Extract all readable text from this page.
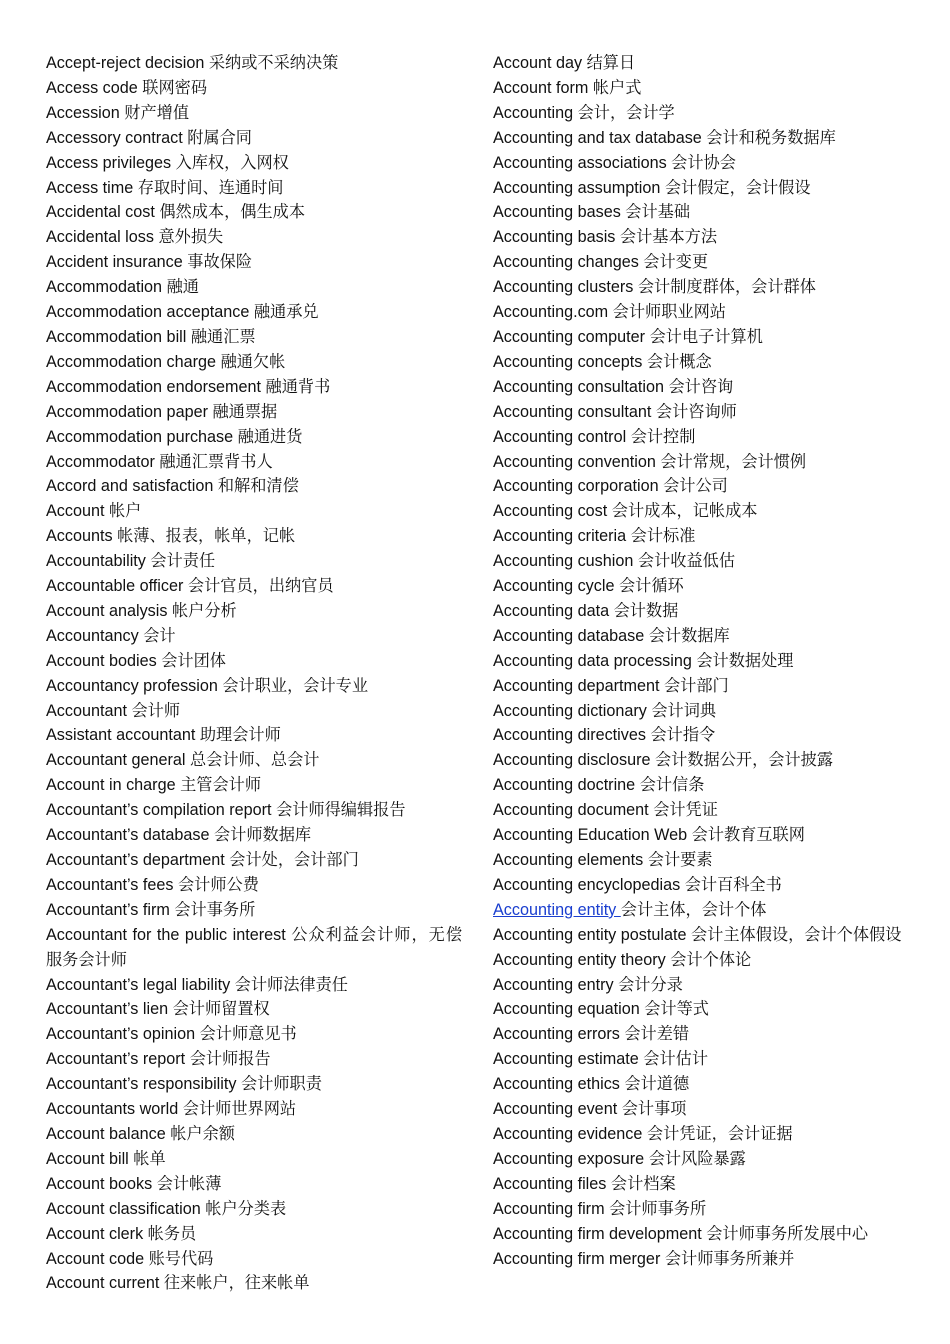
Accept-reject decision 采纳或不采纳决策

Access code 联网密码

Accession 财产增值

Accessory contract 附属合同

Access privileges 入库权，入网权

Access time 存取时间、连通时间

Accidental cost 偶然成本，偶生成本

Accidental loss 意外损失

Accident insurance 事故保险

Accommodation 融通

Accommodation acceptance 融通承兑

Accommodation bill 融通汇票

Accommodation charge 融通欠帐

Accommodation endorsement 融通背书

Accommodation paper 融通票据

Accommodation purchase 融通进货

Accommodator 融通汇票背书人

Accord and satisfaction 和解和清偿

Account 帐户

Accounts 帐薄、报表，帐单，记帐

Accountability 会计责任

Accountable officer 会计官员，出纳官员

Account analysis 帐户分析

Accountancy 会计

Account bodies 会计团体

Accountancy profession 会计职业，会计专业

Accountant 会计师

Assistant accountant 助理会计师

Accountant general 总会计师、总会计

Account in charge 主管会计师

Accountant’s compilation report 会计师得编辑报告

Accountant’s database 会计师数据库

Accountant’s department 会计处，会计部门

Accountant’s fees 会计师公费

Accountant’s firm 会计事务所

Accountant for the public interest 公众利益会计师，无偿服务会计师

Accountant’s legal liability 会计师法律责任

Accountant’s lien 会计师留置权

Accountant’s opinion 会计师意见书

Accountant’s report 会计师报告

Accountant’s responsibility 会计师职责

Accountants world 会计师世界网站

Account balance 帐户余额

Account bill 帐单

Account books 会计帐薄

Account classification 帐户分类表

Account clerk 帐务员

Account code 账号代码

Account current 往来帐户，往来帐单

Account day 结算日

Account form 帐户式

Accounting 会计，会计学

Accounting and tax database 会计和税务数据库

Accounting associations 会计协会

Accounting assumption 会计假定，会计假设

Accounting bases 会计基础

Accounting basis 会计基本方法

Accounting changes 会计变更

Accounting clusters 会计制度群体，会计群体

Accounting.com 会计师职业网站

Accounting computer 会计电子计算机

Accounting concepts 会计概念

Accounting consultation 会计咨询

Accounting consultant 会计咨询师

Accounting control 会计控制

Accounting convention 会计常规，会计惯例

Accounting corporation 会计公司

Accounting cost 会计成本，记帐成本

Accounting criteria 会计标准

Accounting cushion 会计收益低估

Accounting cycle 会计循环

Accounting data 会计数据

Accounting database 会计数据库

Accounting data processing 会计数据处理

Accounting department 会计部门

Accounting dictionary 会计词典

Accounting directives 会计指令

Accounting disclosure 会计数据公开，会计披露

Accounting doctrine 会计信条

Accounting document 会计凭证

Accounting Education Web 会计教育互联网

Accounting elements 会计要素

Accounting encyclopedias 会计百科全书

Accounting entity 会计主体，会计个体

Accounting entity postulate 会计主体假设，会计个体假设

Accounting entity theory 会计个体论

Accounting entry 会计分录

Accounting equation 会计等式

Accounting errors 会计差错

Accounting estimate 会计估计

Accounting ethics 会计道德

Accounting event 会计事项

Accounting evidence 会计凭证，会计证据

Accounting exposure 会计风险暴露

Accounting files 会计档案

Accounting firm 会计师事务所

Accounting firm development 会计师事务所发展中心

Accounting firm merger 会计师事务所兼并
